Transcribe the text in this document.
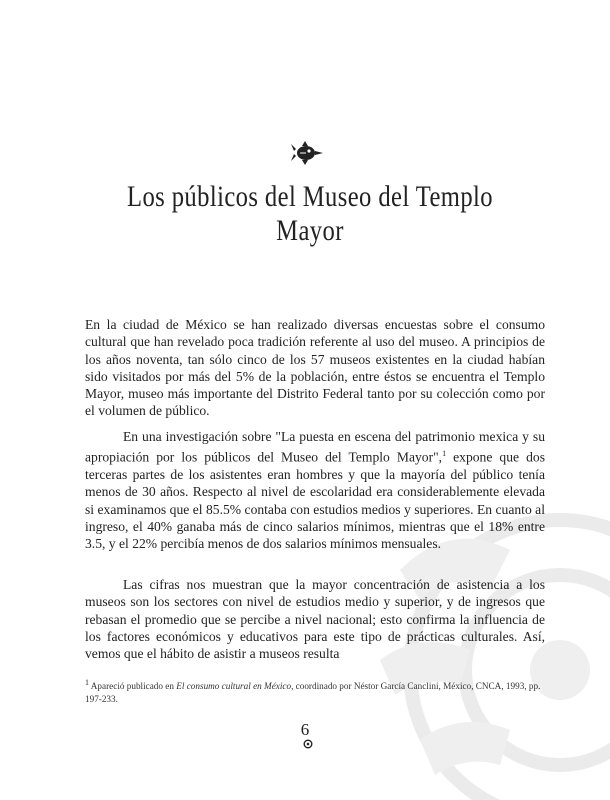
Los públicos del Museo del Templo Mayor

En la ciudad de México se han realizado diversas encuestas sobre el consumo cultural que han revelado poca tradición referente al uso del museo. A principios de los años noventa, tan sólo cinco de los 57 museos existentes en la ciudad habían sido visitados por más del 5% de la población, entre éstos se encuentra el Templo Mayor, museo más importante del Distrito Federal tanto por su colección como por el volumen de público.

En una investigación sobre "La puesta en escena del patrimonio mexica y su apropiación por los públicos del Museo del Templo Mayor",$^1$ expone que dos terceras partes de los asistentes eran hombres y que la mayoría del público tenía menos de 30 años. Respecto al nivel de escolaridad era considerablemente elevada si examinamos que el 85.5% contaba con estudios medios y superiores. En cuanto al ingreso, el 40% ganaba más de cinco salarios mínimos, mientras que el 18% entre 3.5, y el 22% percibía menos de dos salarios mínimos mensuales.

Las cifras nos muestran que la mayor concentración de asistencia a los museos son los sectores con nivel de estudios medio y superior, y de ingresos que rebasan el promedio que se percibe a nivel nacional; esto confirma la influencia de los factores económicos y educativos para este tipo de prácticas culturales. Así, vemos que el hábito de asistir a museos resulta

$^1$ Apareció publicado en El consumo cultural en México, coordinado por Néstor García Canclini, México, CNCA, 1993, pp. 197-233.
6
